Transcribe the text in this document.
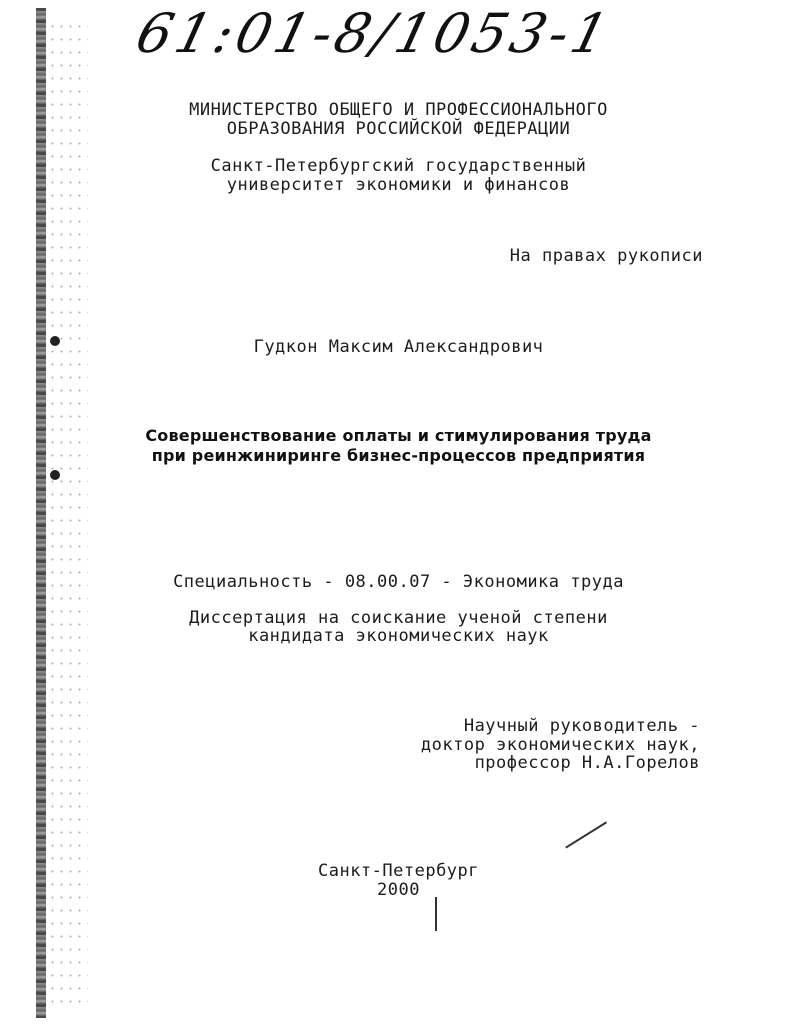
61:01-8/1053-1
МИНИСТЕРСТВО ОБЩЕГО И ПРОФЕССИОНАЛЬНОГО
ОБРАЗОВАНИЯ РОССИЙСКОЙ ФЕДЕРАЦИИ
Санкт-Петербургский государственный
университет экономики и финансов
На правах рукописи
Гудкон Максим Александрович
Совершенствование оплаты и стимулирования труда
при реинжиниринге бизнес-процессов предприятия
Специальность - 08.00.07 - Экономика труда
Диссертация на соискание ученой степени
кандидата экономических наук
Научный руководитель -
доктор экономических наук,
профессор Н.А.Горелов
Санкт-Петербург
2000
